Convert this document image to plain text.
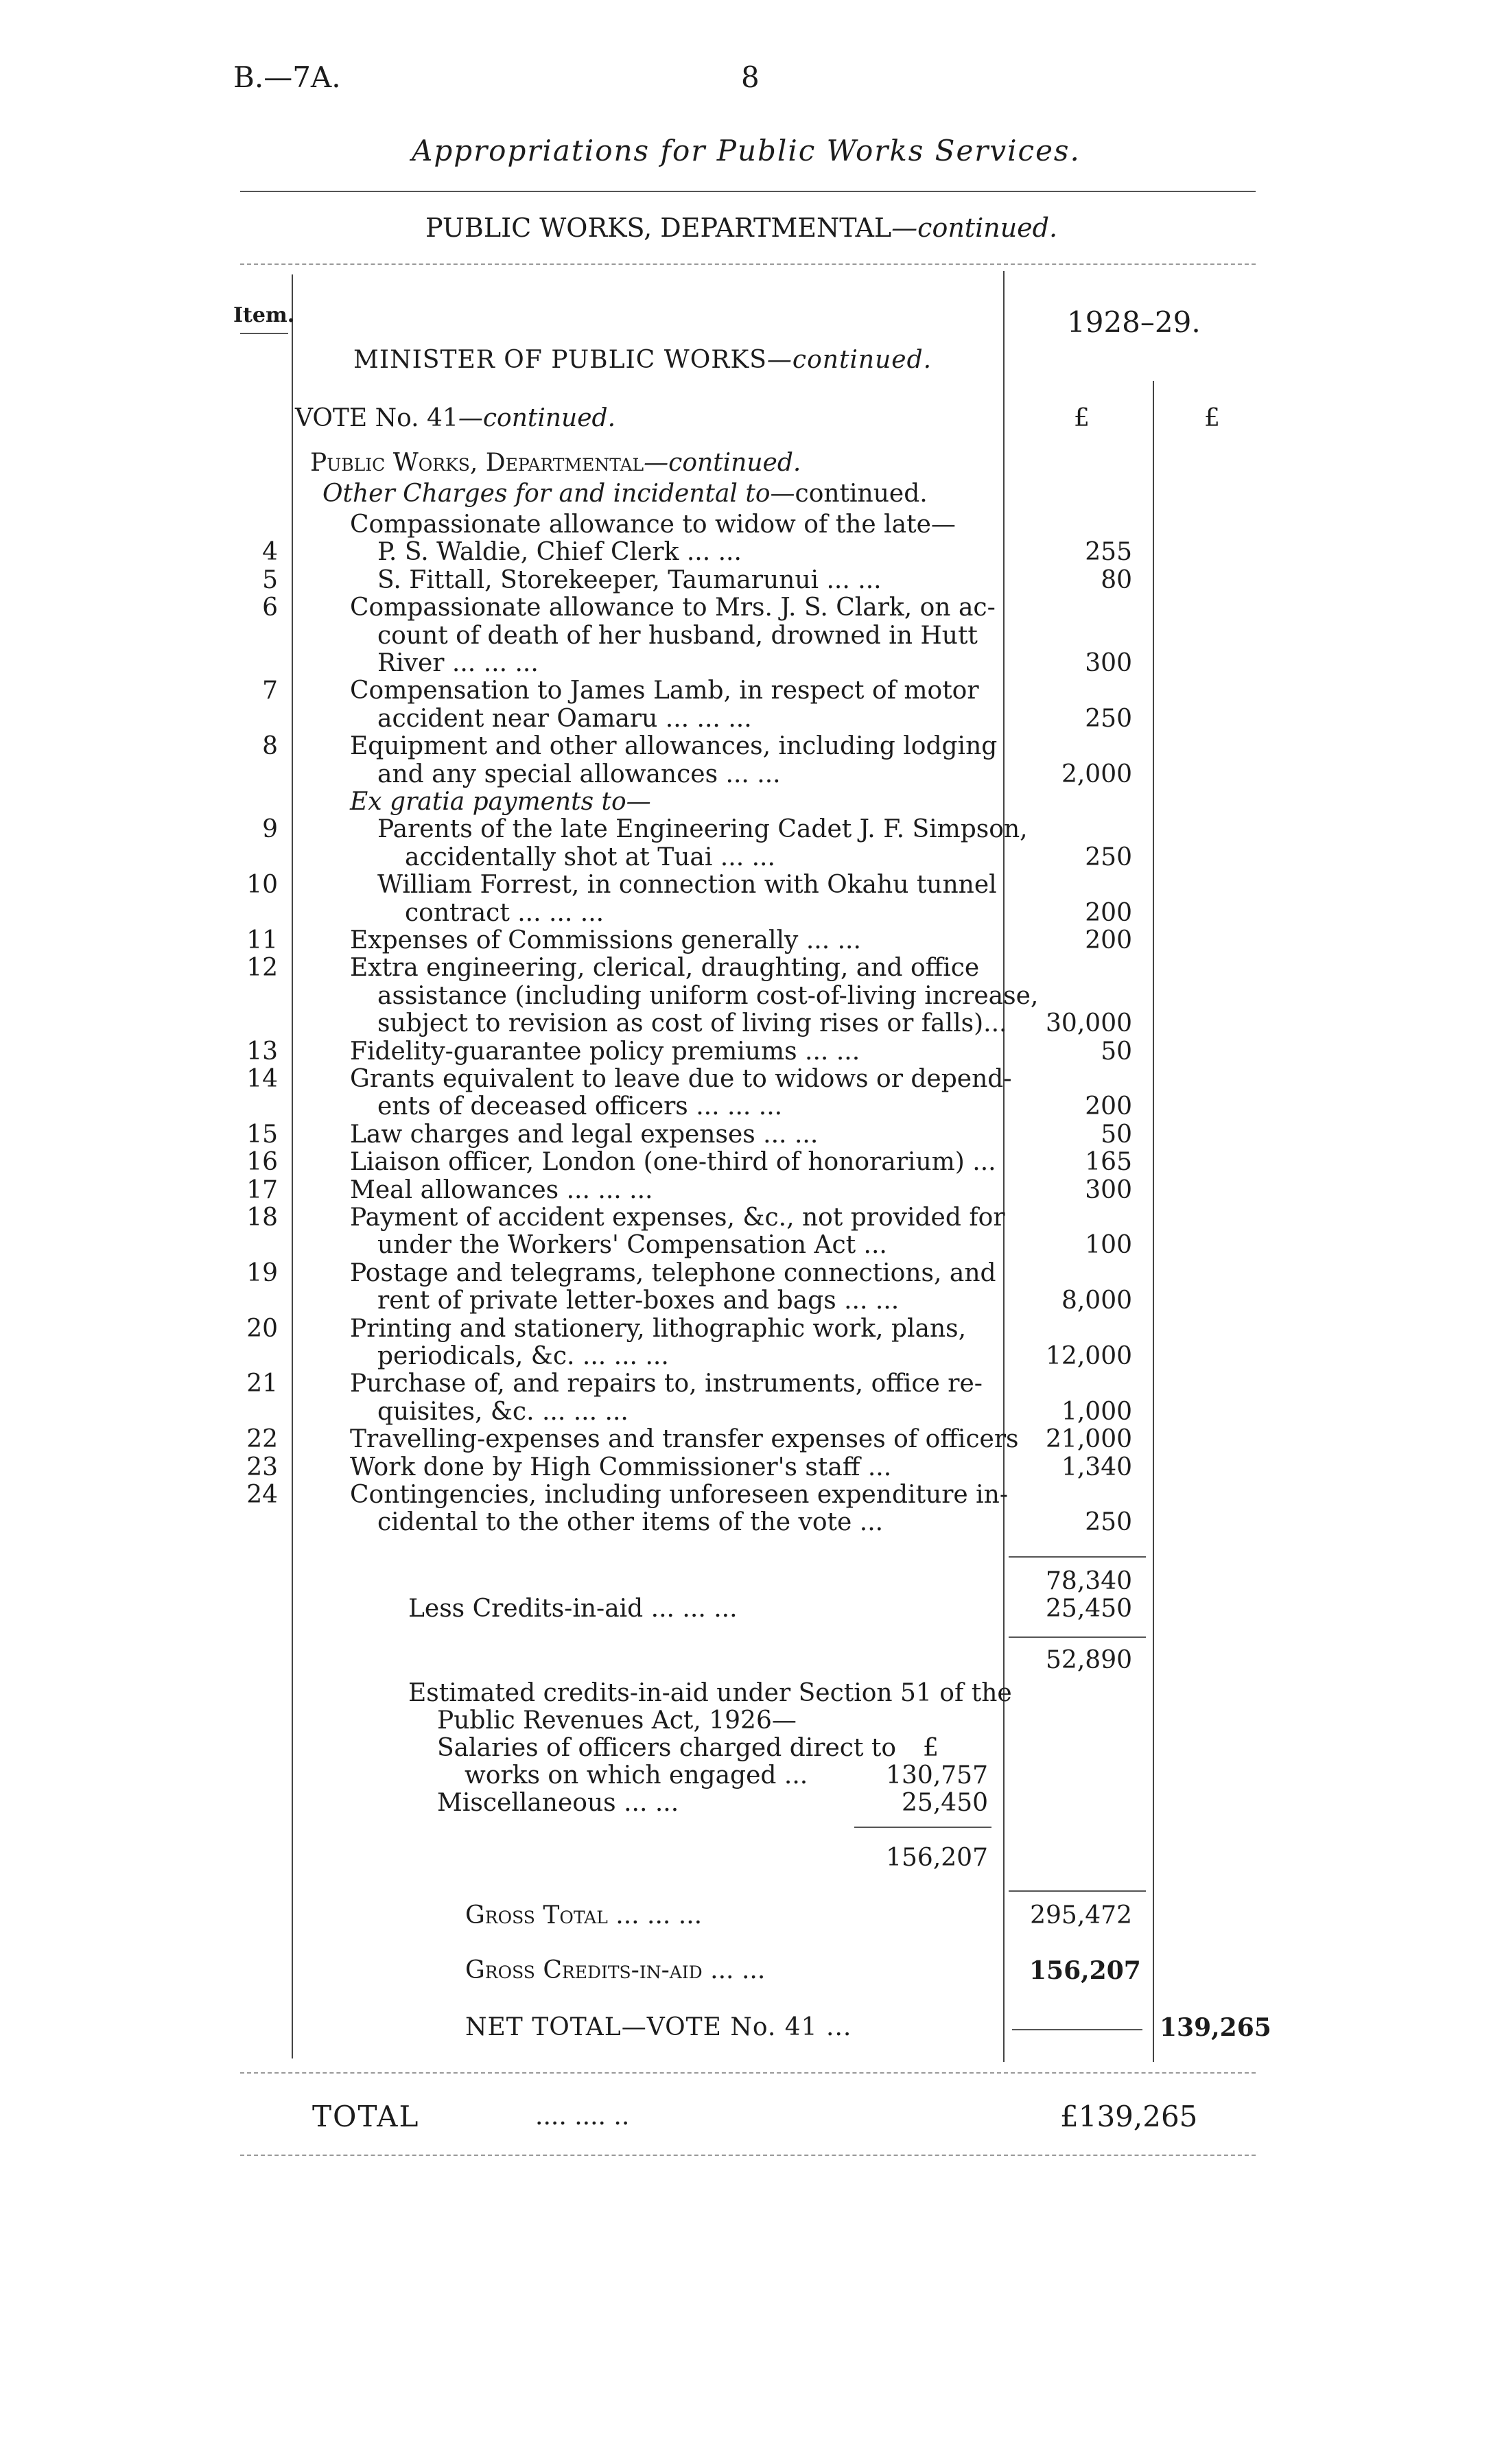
B.—7A.	8
Appropriations for Public Works Services.
PUBLIC WORKS, DEPARTMENTAL—continued.
Item.	1928–29.
£	£
MINISTER OF PUBLIC WORKS—continued.
VOTE No. 41—continued.
Public Works, Departmental—continued.
Other Charges for and incidental to—continued.
Compassionate allowance to widow of the late—
4	P. S. Waldie, Chief Clerk ... ...	255
5	S. Fittall, Storekeeper, Taumarunui ... ...	80
6	Compassionate allowance to Mrs. J. S. Clark, on ac-
count of death of her husband, drowned in Hutt
River ... ... ...	300
7	Compensation to James Lamb, in respect of motor
accident near Oamaru ... ... ...	250
8	Equipment and other allowances, including lodging
and any special allowances ... ...	2,000
Ex gratia payments to—
9	Parents of the late Engineering Cadet J. F. Simpson,
accidentally shot at Tuai ... ...	250
10	William Forrest, in connection with Okahu tunnel
contract ... ... ...	200
11	Expenses of Commissions generally ... ...	200
12	Extra engineering, clerical, draughting, and office
assistance (including uniform cost-of-living increase,
subject to revision as cost of living rises or falls)...	30,000
13	Fidelity-guarantee policy premiums ... ...	50
14	Grants equivalent to leave due to widows or depend-
ents of deceased officers ... ... ...	200
15	Law charges and legal expenses ... ...	50
16	Liaison officer, London (one-third of honorarium) ...	165
17	Meal allowances ... ... ...	300
18	Payment of accident expenses, &c., not provided for
under the Workers' Compensation Act ...	100
19	Postage and telegrams, telephone connections, and
rent of private letter-boxes and bags ... ...	8,000
20	Printing and stationery, lithographic work, plans,
periodicals, &c. ... ... ...	12,000
21	Purchase of, and repairs to, instruments, office re-
quisites, &c. ... ... ...	1,000
22	Travelling-expenses and transfer expenses of officers	21,000
23	Work done by High Commissioner's staff ...	1,340
24	Contingencies, including unforeseen expenditure in-
cidental to the other items of the vote ...	250
78,340
Less Credits-in-aid ... ... ...	25,450
52,890
Estimated credits-in-aid under Section 51 of the
Public Revenues Act, 1926—
Salaries of officers charged direct to £
works on which engaged ...	130,757
Miscellaneous ... ...	25,450
156,207
Gross Total ... ... ...	295,472
Gross Credits-in-aid ... ...	156,207
NET TOTAL—VOTE No. 41 ...	139,265
TOTAL	.... .... ..	£139,265
